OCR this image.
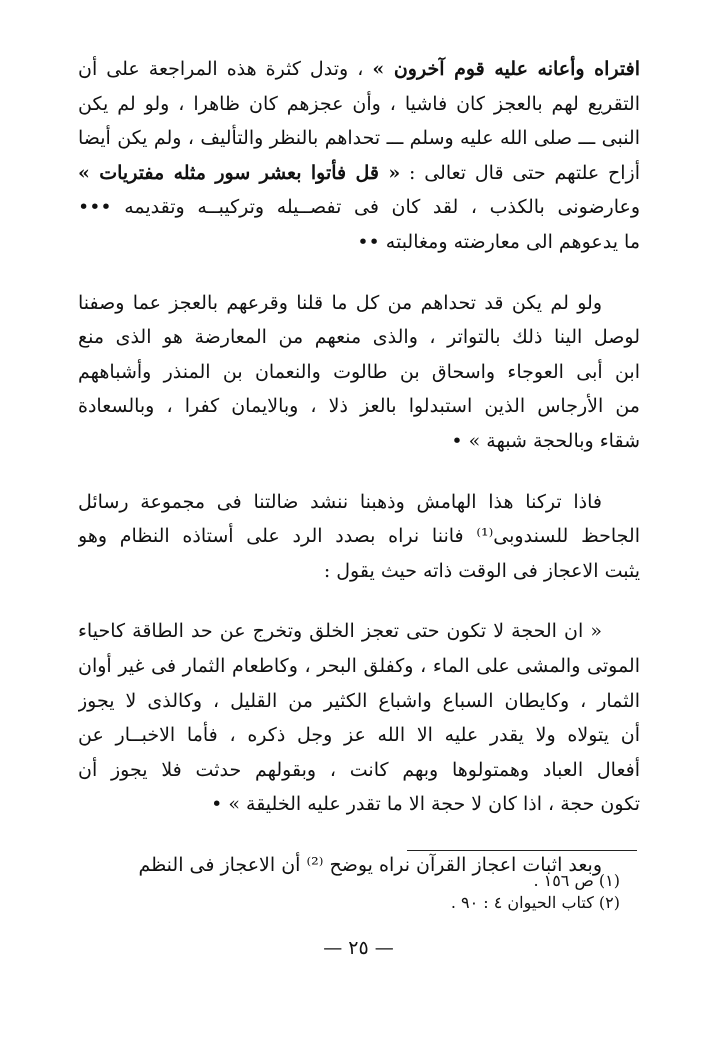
افتراه وأعانه عليه قوم آخرون » ، وتدل كثرة هذه المراجعة على أن
التقريع لهم بالعجز كان فاشيا ، وأن عجزهم كان ظاهرا ، ولو لم يكن
النبى ـــ صلى الله عليه وسلم ـــ تحداهم بالنظر والتأليف ، ولم يكن أيضا
أزاح علتهم حتى قال تعالى : « قل فأتوا بعشر سور مثله مفتريات »
وعارضونى بالكذب ، لقد كان فى تفصــيله وتركيبــه وتقديمه •••
ما يدعوهم الى معارضته ومغالبته ••
ولو لم يكن قد تحداهم من كل ما قلنا وقرعهم بالعجز عما وصفنا
لوصل الينا ذلك بالتواتر ، والذى منعهم من المعارضة هو الذى منع
ابن أبى العوجاء واسحاق بن طالوت والنعمان بن المنذر وأشباههم
من الأرجاس الذين استبدلوا بالعز ذلا ، وبالايمان كفرا ، وبالسعادة
شقاء وبالحجة شبهة » •
فاذا تركنا هذا الهامش وذهبنا ننشد ضالتنا فى مجموعة رسائل
الجاحظ للسندوبى⁽¹⁾ فاننا نراه بصدد الرد على أستاذه النظام وهو
يثبت الاعجاز فى الوقت ذاته حيث يقول :
« ان الحجة لا تكون حتى تعجز الخلق وتخرج عن حد الطاقة كاحياء
الموتى والمشى على الماء ، وكفلق البحر ، وكاطعام الثمار فى غير أوان
الثمار ، وكايطان السباع واشباع الكثير من القليل ، وكالذى لا يجوز
أن يتولاه ولا يقدر عليه الا الله عز وجل ذكره ، فأما الاخبــار عن
أفعال العباد وهمتولوها وبهم كانت ، وبقولهم حدثت فلا يجوز أن
تكون حجة ، اذا كان لا حجة الا ما تقدر عليه الخليقة » •
وبعد اثبات اعجاز القرآن نراه يوضح ⁽²⁾ أن الاعجاز فى النظم
(١) ص ١٥٦ .
(٢) كتاب الحيوان ٤ : ٩٠ .
— ٢٥ —
